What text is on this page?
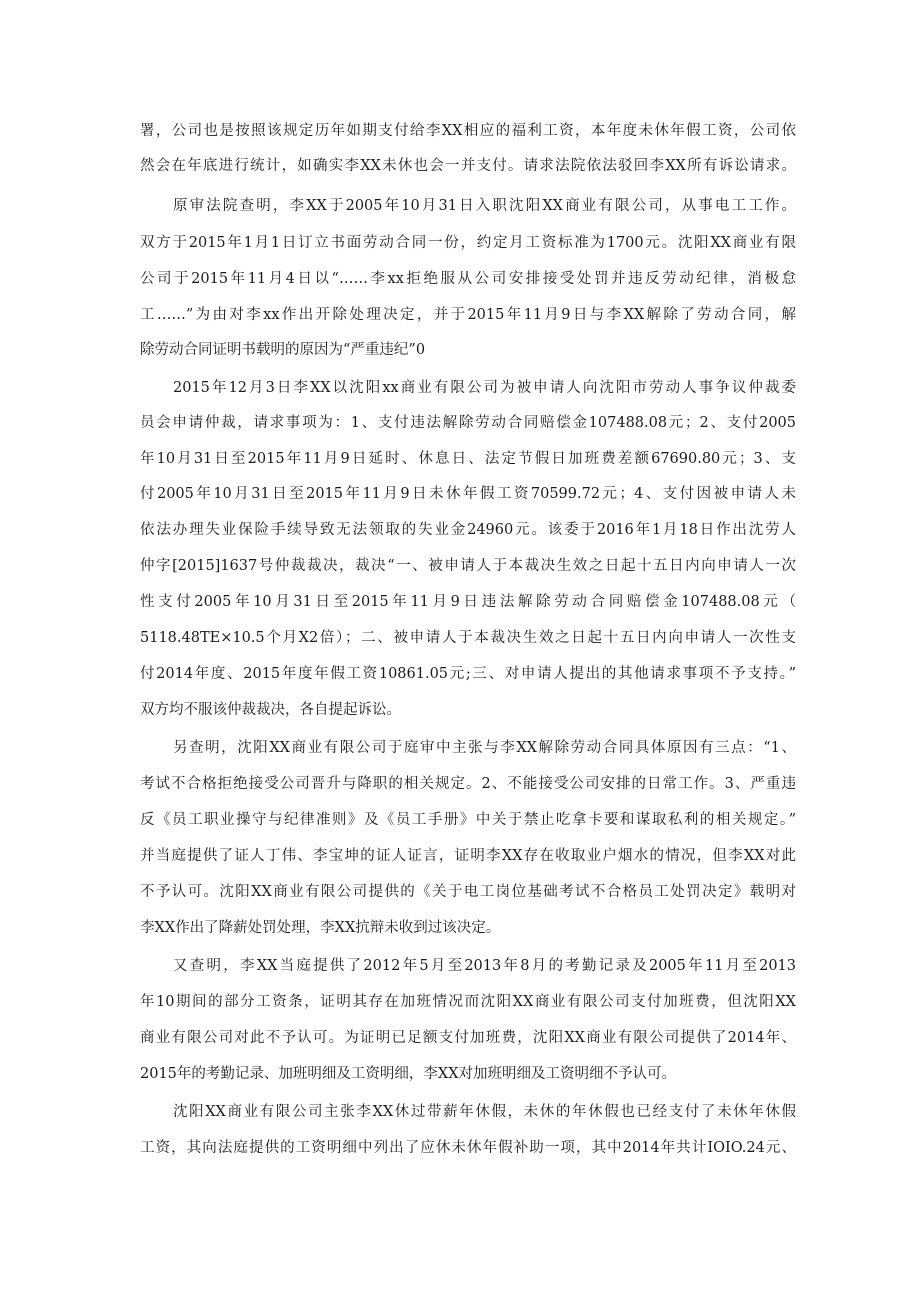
署，公司也是按照该规定历年如期支付给李XX相应的福利工资，本年度未休年假工资，公司依
然会在年底进行统计，如确实李XX未休也会一并支付。请求法院依法驳回李XX所有诉讼请求。
原审法院查明，李XX于2005年10月31日入职沈阳XX商业有限公司，从事电工工作。
双方于2015年1月1日订立书面劳动合同一份，约定月工资标准为1700元。沈阳XX商业有限
公司于2015年11月4日以“……李xx拒绝服从公司安排接受处罚并违反劳动纪律，消极怠
工……”为由对李xx作出开除处理决定，并于2015年11月9日与李XX解除了劳动合同，解
除劳动合同证明书载明的原因为“严重违纪”0
2015年12月3日李XX以沈阳xx商业有限公司为被申请人向沈阳市劳动人事争议仲裁委
员会申请仲裁，请求事项为：1、支付违法解除劳动合同赔偿金107488.08元；2、支付2005
年10月31日至2015年11月9日延时、休息日、法定节假日加班费差额67690.80元；3、支
付2005年10月31日至2015年11月9日未休年假工资70599.72元；4、支付因被申请人未
依法办理失业保险手续导致无法领取的失业金24960元。该委于2016年1月18日作出沈劳人
仲字[2015]1637号仲裁裁决，裁决“一、被申请人于本裁决生效之日起十五日内向申请人一次
性支付2005年10月31日至2015年11月9日违法解除劳动合同赔偿金107488.08元（
5118.48TE×10.5个月X2倍）；二、被申请人于本裁决生效之日起十五日内向申请人一次性支
付2014年度、2015年度年假工资10861.05元;三、对申请人提出的其他请求事项不予支持。”
双方均不服该仲裁裁决，各自提起诉讼。
另查明，沈阳XX商业有限公司于庭审中主张与李XX解除劳动合同具体原因有三点：“1、
考试不合格拒绝接受公司晋升与降职的相关规定。2、不能接受公司安排的日常工作。3、严重违
反《员工职业操守与纪律准则》及《员工手册》中关于禁止吃拿卡要和谋取私利的相关规定。”
并当庭提供了证人丁伟、李宝坤的证人证言，证明李XX存在收取业户烟水的情况，但李XX对此
不予认可。沈阳XX商业有限公司提供的《关于电工岗位基础考试不合格员工处罚决定》载明对
李XX作出了降薪处罚处理，李XX抗辩未收到过该决定。
又查明，李XX当庭提供了2012年5月至2013年8月的考勤记录及2005年11月至2013
年10期间的部分工资条，证明其存在加班情况而沈阳XX商业有限公司支付加班费，但沈阳XX
商业有限公司对此不予认可。为证明已足额支付加班费，沈阳XX商业有限公司提供了2014年、
2015年的考勤记录、加班明细及工资明细，李XX对加班明细及工资明细不予认可。
沈阳XX商业有限公司主张李XX休过带薪年休假，未休的年休假也已经支付了未休年休假
工资，其向法庭提供的工资明细中列出了应休未休年假补助一项，其中2014年共计IOIO.24元、
